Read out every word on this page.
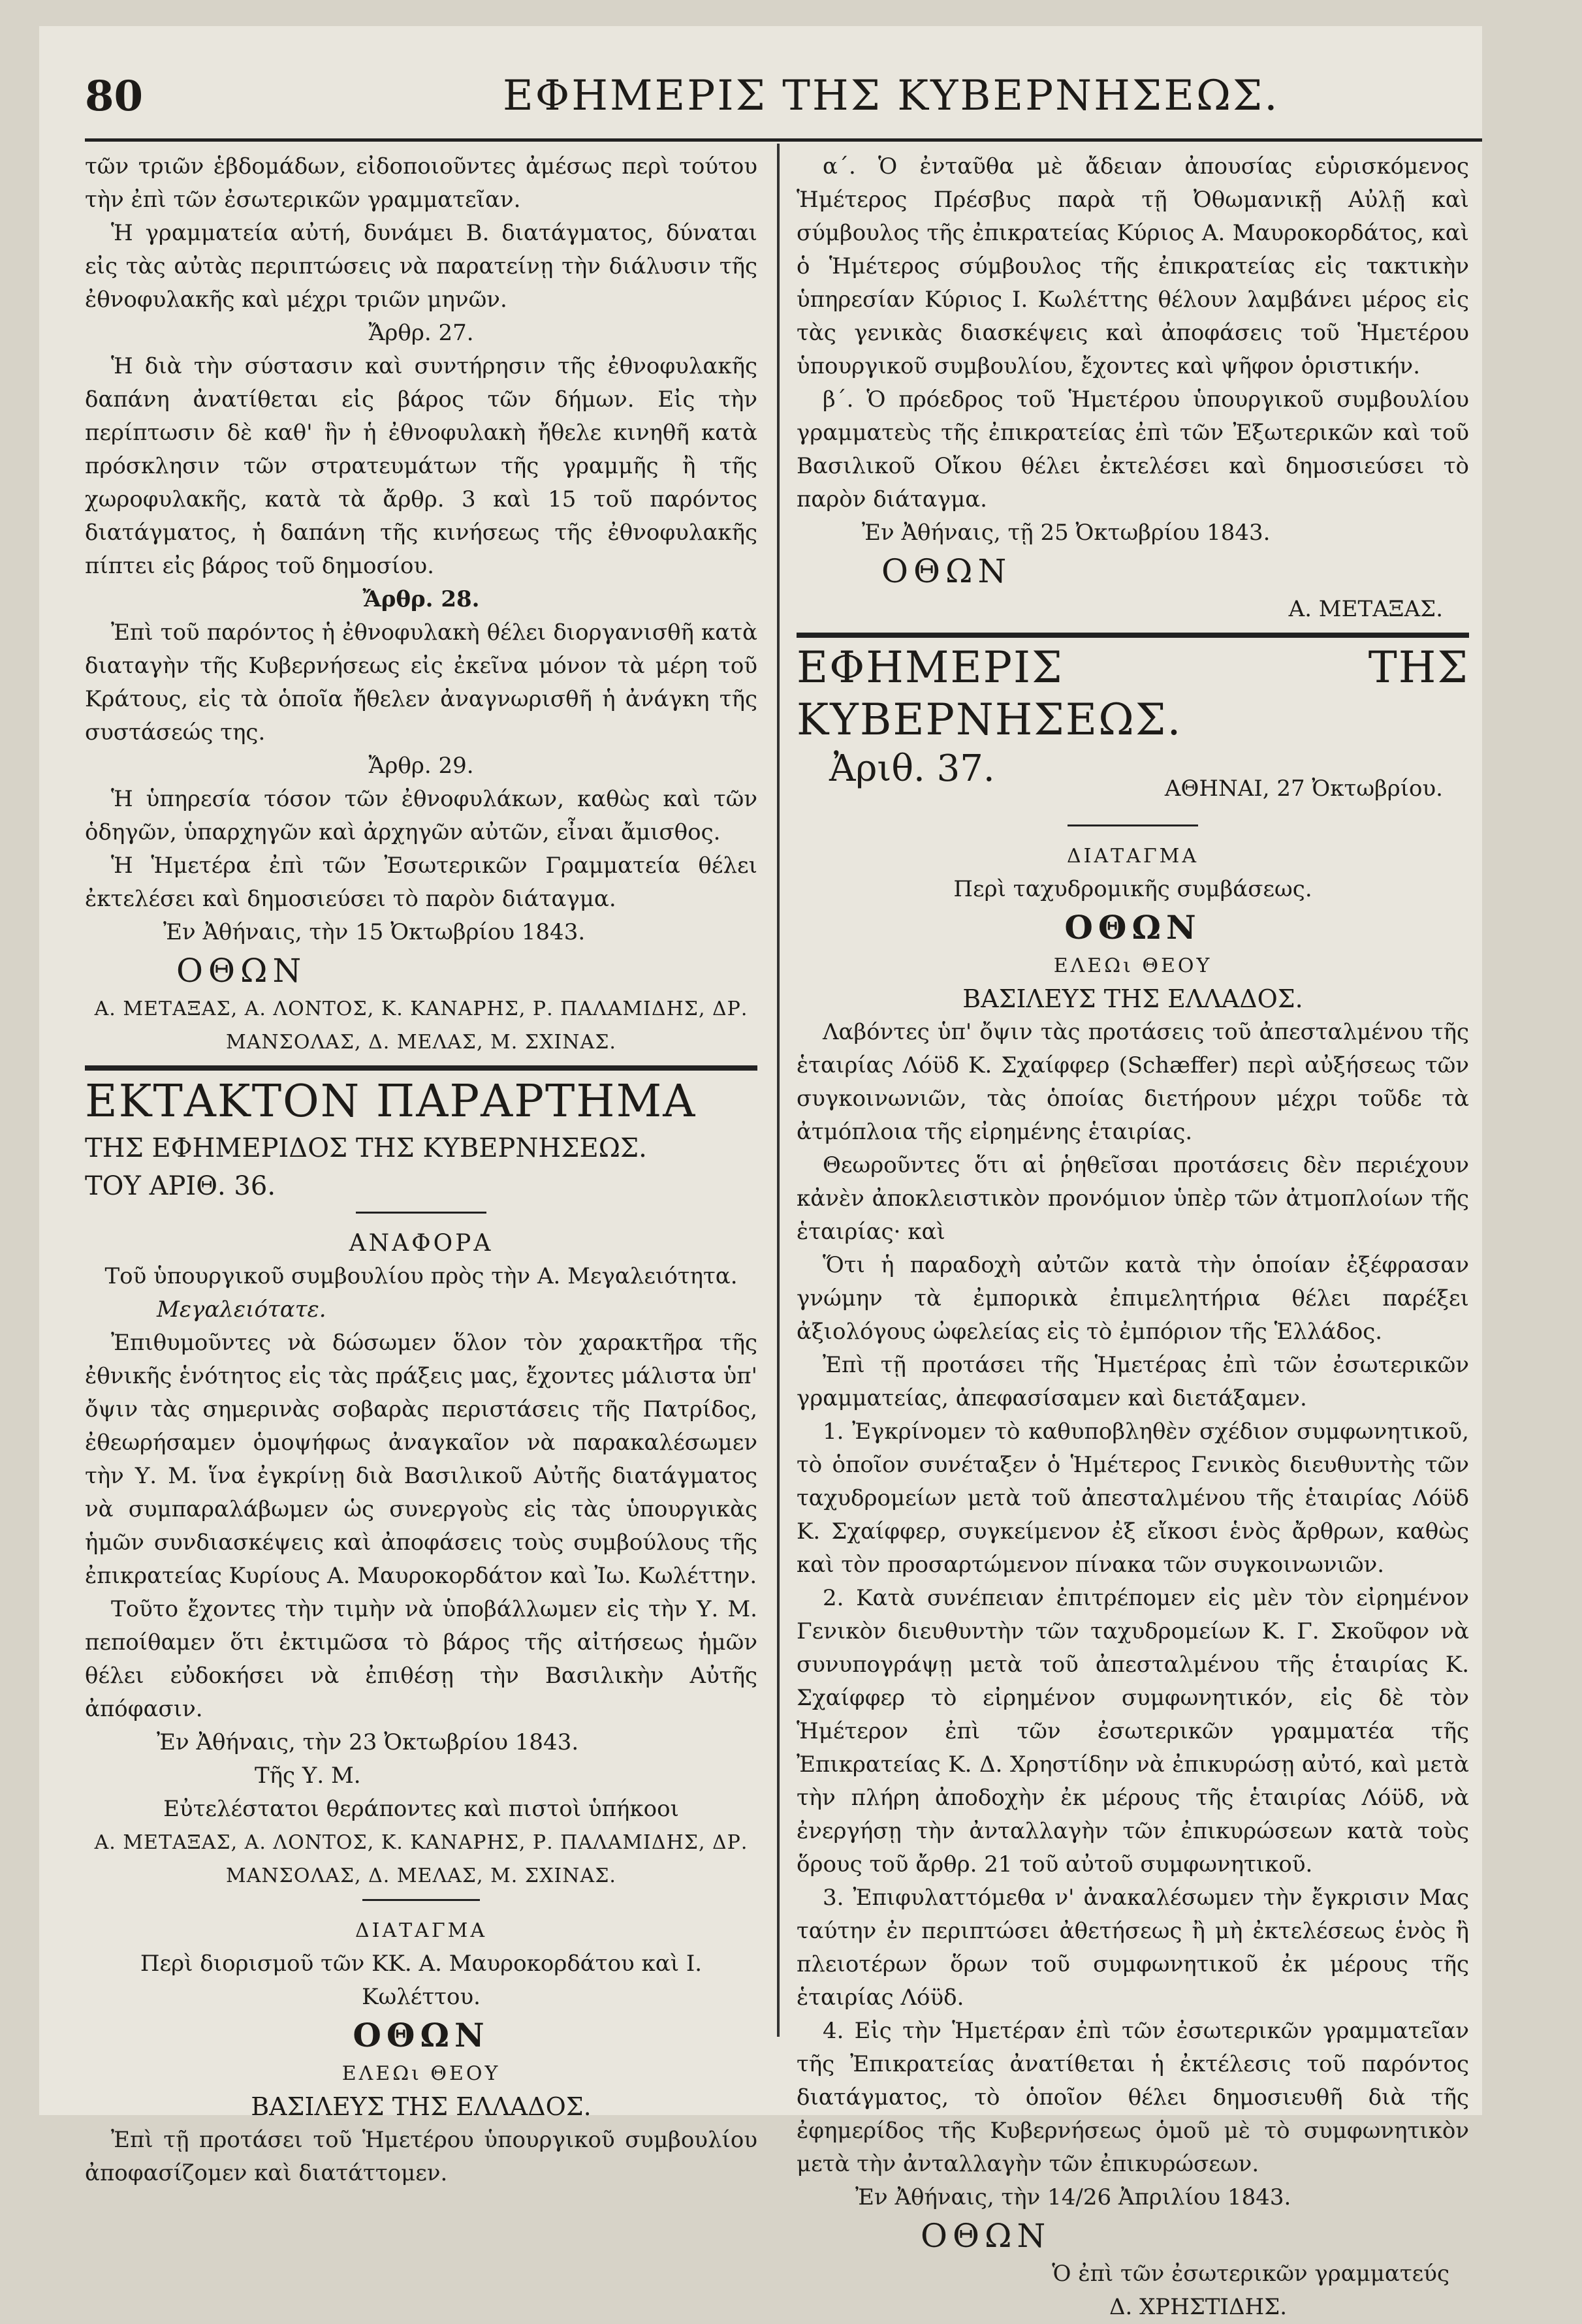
80	ΕΦΗΜΕΡΙΣ ΤΗΣ ΚΥΒΕΡΝΗΣΕΩΣ.

τῶν τριῶν ἑβδομάδων, εἰδοποιοῦντες ἀμέσως περὶ τούτου τὴν ἐπὶ τῶν ἐσωτερικῶν γραμματεῖαν.

Ἡ γραμματεία αὐτή, δυνάμει Β. διατάγματος, δύναται εἰς τὰς αὐτὰς περιπτώσεις νὰ παρατείνῃ τὴν διάλυσιν τῆς ἐθνοφυλακῆς καὶ μέχρι τριῶν μηνῶν.

Ἄρθρ. 27.

Ἡ διὰ τὴν σύστασιν καὶ συντήρησιν τῆς ἐθνοφυλακῆς δαπάνη ἀνατίθεται εἰς βάρος τῶν δήμων. Εἰς τὴν περίπτωσιν δὲ καθ' ἣν ἡ ἐθνοφυλακὴ ἤθελε κινηθῆ κατὰ πρόσκλησιν τῶν στρατευμάτων τῆς γραμμῆς ἢ τῆς χωροφυλακῆς, κατὰ τὰ ἄρθρ. 3 καὶ 15 τοῦ παρόντος διατάγματος, ἡ δαπάνη τῆς κινήσεως τῆς ἐθνοφυλακῆς πίπτει εἰς βάρος τοῦ δημοσίου.

Ἄρθρ. 28.

Ἐπὶ τοῦ παρόντος ἡ ἐθνοφυλακὴ θέλει διοργανισθῆ κατὰ διαταγὴν τῆς Κυβερνήσεως εἰς ἐκεῖνα μόνον τὰ μέρη τοῦ Κράτους, εἰς τὰ ὁποῖα ἤθελεν ἀναγνωρισθῆ ἡ ἀνάγκη τῆς συστάσεώς της.

Ἄρθρ. 29.

Ἡ ὑπηρεσία τόσον τῶν ἐθνοφυλάκων, καθὼς καὶ τῶν ὁδηγῶν, ὑπαρχηγῶν καὶ ἀρχηγῶν αὐτῶν, εἶναι ἄμισθος.

Ἡ Ἡμετέρα ἐπὶ τῶν Ἐσωτερικῶν Γραμματεία θέλει ἐκτελέσει καὶ δημοσιεύσει τὸ παρὸν διάταγμα.

Ἐν Ἀθήναις, τὴν 15 Ὀκτωβρίου 1843.

ΟΘΩΝ

Α. ΜΕΤΑΞΑΣ, Α. ΛΟΝΤΟΣ, Κ. ΚΑΝΑΡΗΣ, Ρ. ΠΑΛΑΜΙΔΗΣ, ΔΡ. ΜΑΝΣΟΛΑΣ, Δ. ΜΕΛΑΣ, Μ. ΣΧΙΝΑΣ.

ΕΚΤΑΚΤΟΝ ΠΑΡΑΡΤΗΜΑ

ΤΗΣ ΕΦΗΜΕΡΙΔΟΣ ΤΗΣ ΚΥΒΕΡΝΗΣΕΩΣ.

ΤΟΥ ΑΡΙΘ. 36.

ΑΝΑΦΟΡΑ

Τοῦ ὑπουργικοῦ συμβουλίου πρὸς τὴν Α. Μεγαλειότητα.

Μεγαλειότατε.

Ἐπιθυμοῦντες νὰ δώσωμεν ὅλον τὸν χαρακτῆρα τῆς ἐθνικῆς ἑνότητος εἰς τὰς πράξεις μας, ἔχοντες μάλιστα ὑπ' ὄψιν τὰς σημερινὰς σοβαρὰς περιστάσεις τῆς Πατρίδος, ἐθεωρήσαμεν ὁμοψήφως ἀναγκαῖον νὰ παρακαλέσωμεν τὴν Υ. Μ. ἵνα ἐγκρίνῃ διὰ Βασιλικοῦ Αὐτῆς διατάγματος νὰ συμπαραλάβωμεν ὡς συνεργοὺς εἰς τὰς ὑπουργικὰς ἡμῶν συνδιασκέψεις καὶ ἀποφάσεις τοὺς συμβούλους τῆς ἐπικρατείας Κυρίους Α. Μαυροκορδάτον καὶ Ἰω. Κωλέττην.

Τοῦτο ἔχοντες τὴν τιμὴν νὰ ὑποβάλλωμεν εἰς τὴν Υ. Μ. πεποίθαμεν ὅτι ἐκτιμῶσα τὸ βάρος τῆς αἰτήσεως ἡμῶν θέλει εὐδοκήσει νὰ ἐπιθέσῃ τὴν Βασιλικὴν Αὐτῆς ἀπόφασιν.

Ἐν Ἀθήναις, τὴν 23 Ὀκτωβρίου 1843.

Τῆς Υ. Μ.

Εὐτελέστατοι θεράποντες καὶ πιστοὶ ὑπήκοοι

Α. ΜΕΤΑΞΑΣ, Α. ΛΟΝΤΟΣ, Κ. ΚΑΝΑΡΗΣ, Ρ. ΠΑΛΑΜΙΔΗΣ, ΔΡ. ΜΑΝΣΟΛΑΣ, Δ. ΜΕΛΑΣ, Μ. ΣΧΙΝΑΣ.

ΔΙΑΤΑΓΜΑ

Περὶ διορισμοῦ τῶν ΚΚ. Α. Μαυροκορδάτου καὶ Ι. Κωλέττου.

ΟΘΩΝ

ΕΛΕΩι ΘΕΟΥ

ΒΑΣΙΛΕΥΣ ΤΗΣ ΕΛΛΑΔΟΣ.

Ἐπὶ τῇ προτάσει τοῦ Ἡμετέρου ὑπουργικοῦ συμβουλίου ἀποφασίζομεν καὶ διατάττομεν.

α΄. Ὁ ἐνταῦθα μὲ ἄδειαν ἀπουσίας εὑρισκόμενος Ἡμέτερος Πρέσβυς παρὰ τῇ Ὀθωμανικῇ Αὐλῇ καὶ σύμβουλος τῆς ἐπικρατείας Κύριος Α. Μαυροκορδάτος, καὶ ὁ Ἡμέτερος σύμβουλος τῆς ἐπικρατείας εἰς τακτικὴν ὑπηρεσίαν Κύριος Ι. Κωλέττης θέλουν λαμβάνει μέρος εἰς τὰς γενικὰς διασκέψεις καὶ ἀποφάσεις τοῦ Ἡμετέρου ὑπουργικοῦ συμβουλίου, ἔχοντες καὶ ψῆφον ὁριστικήν.

β΄. Ὁ πρόεδρος τοῦ Ἡμετέρου ὑπουργικοῦ συμβουλίου γραμματεὺς τῆς ἐπικρατείας ἐπὶ τῶν Ἐξωτερικῶν καὶ τοῦ Βασιλικοῦ Οἴκου θέλει ἐκτελέσει καὶ δημοσιεύσει τὸ παρὸν διάταγμα.

Ἐν Ἀθήναις, τῇ 25 Ὀκτωβρίου 1843.

ΟΘΩΝ

Α. ΜΕΤΑΞΑΣ.

ΕΦΗΜΕΡΙΣ ΤΗΣ ΚΥΒΕΡΝΗΣΕΩΣ.

Ἀριθ. 37.	ΑΘΗΝΑΙ, 27 Ὀκτωβρίου.

ΔΙΑΤΑΓΜΑ

Περὶ ταχυδρομικῆς συμβάσεως.

ΟΘΩΝ

ΕΛΕΩι ΘΕΟΥ

ΒΑΣΙΛΕΥΣ ΤΗΣ ΕΛΛΑΔΟΣ.

Λαβόντες ὑπ' ὄψιν τὰς προτάσεις τοῦ ἀπεσταλμένου τῆς ἑταιρίας Λόϋδ Κ. Σχαίφφερ (Schæffer) περὶ αὐξήσεως τῶν συγκοινωνιῶν, τὰς ὁποίας διετήρουν μέχρι τοῦδε τὰ ἀτμόπλοια τῆς εἰρημένης ἑταιρίας.

Θεωροῦντες ὅτι αἱ ῥηθεῖσαι προτάσεις δὲν περιέχουν κἀνὲν ἀποκλειστικὸν προνόμιον ὑπὲρ τῶν ἀτμοπλοίων τῆς ἑταιρίας· καὶ

Ὅτι ἡ παραδοχὴ αὐτῶν κατὰ τὴν ὁποίαν ἐξέφρασαν γνώμην τὰ ἐμπορικὰ ἐπιμελητήρια θέλει παρέξει ἀξιολόγους ὠφελείας εἰς τὸ ἐμπόριον τῆς Ἑλλάδος.

Ἐπὶ τῇ προτάσει τῆς Ἡμετέρας ἐπὶ τῶν ἐσωτερικῶν γραμματείας, ἀπεφασίσαμεν καὶ διετάξαμεν.

1. Ἐγκρίνομεν τὸ καθυποβληθὲν σχέδιον συμφωνητικοῦ, τὸ ὁποῖον συνέταξεν ὁ Ἡμέτερος Γενικὸς διευθυντὴς τῶν ταχυδρομείων μετὰ τοῦ ἀπεσταλμένου τῆς ἑταιρίας Λόϋδ Κ. Σχαίφφερ, συγκείμενον ἐξ εἴκοσι ἑνὸς ἄρθρων, καθὼς καὶ τὸν προσαρτώμενον πίνακα τῶν συγκοινωνιῶν.

2. Κατὰ συνέπειαν ἐπιτρέπομεν εἰς μὲν τὸν εἰρημένον Γενικὸν διευθυντὴν τῶν ταχυδρομείων Κ. Γ. Σκοῦφον νὰ συνυπογράψῃ μετὰ τοῦ ἀπεσταλμένου τῆς ἑταιρίας Κ. Σχαίφφερ τὸ εἰρημένον συμφωνητικόν, εἰς δὲ τὸν Ἡμέτερον ἐπὶ τῶν ἐσωτερικῶν γραμματέα τῆς Ἐπικρατείας Κ. Δ. Χρηστίδην νὰ ἐπικυρώσῃ αὐτό, καὶ μετὰ τὴν πλήρη ἀποδοχὴν ἐκ μέρους τῆς ἑταιρίας Λόϋδ, νὰ ἐνεργήσῃ τὴν ἀνταλλαγὴν τῶν ἐπικυρώσεων κατὰ τοὺς ὅρους τοῦ ἄρθρ. 21 τοῦ αὐτοῦ συμφωνητικοῦ.

3. Ἐπιφυλαττόμεθα ν' ἀνακαλέσωμεν τὴν ἔγκρισιν Μας ταύτην ἐν περιπτώσει ἀθετήσεως ἢ μὴ ἐκτελέσεως ἑνὸς ἢ πλειοτέρων ὅρων τοῦ συμφωνητικοῦ ἐκ μέρους τῆς ἑταιρίας Λόϋδ.

4. Εἰς τὴν Ἡμετέραν ἐπὶ τῶν ἐσωτερικῶν γραμματεῖαν τῆς Ἐπικρατείας ἀνατίθεται ἡ ἐκτέλεσις τοῦ παρόντος διατάγματος, τὸ ὁποῖον θέλει δημοσιευθῆ διὰ τῆς ἐφημερίδος τῆς Κυβερνήσεως ὁμοῦ μὲ τὸ συμφωνητικὸν μετὰ τὴν ἀνταλλαγὴν τῶν ἐπικυρώσεων.

Ἐν Ἀθήναις, τὴν 14/26 Ἀπριλίου 1843.

ΟΘΩΝ

Ὁ ἐπὶ τῶν ἐσωτερικῶν γραμματεύς

Δ. ΧΡΗΣΤΙΔΗΣ.
